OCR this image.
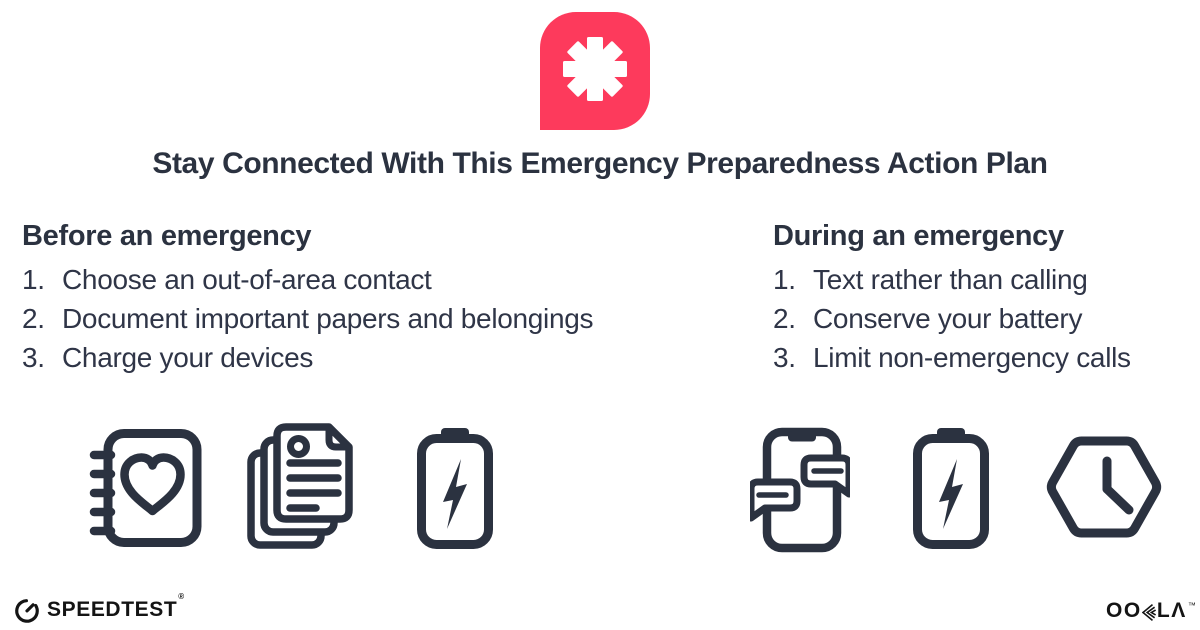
Stay Connected With This Emergency Preparedness Action Plan
Before an emergency
1. Choose an out-of-area contact
2. Document important papers and belongings
3. Charge your devices
During an emergency
1. Text rather than calling
2. Conserve your battery
3. Limit non-emergency calls
SPEEDTEST®
OO LΛ ™
